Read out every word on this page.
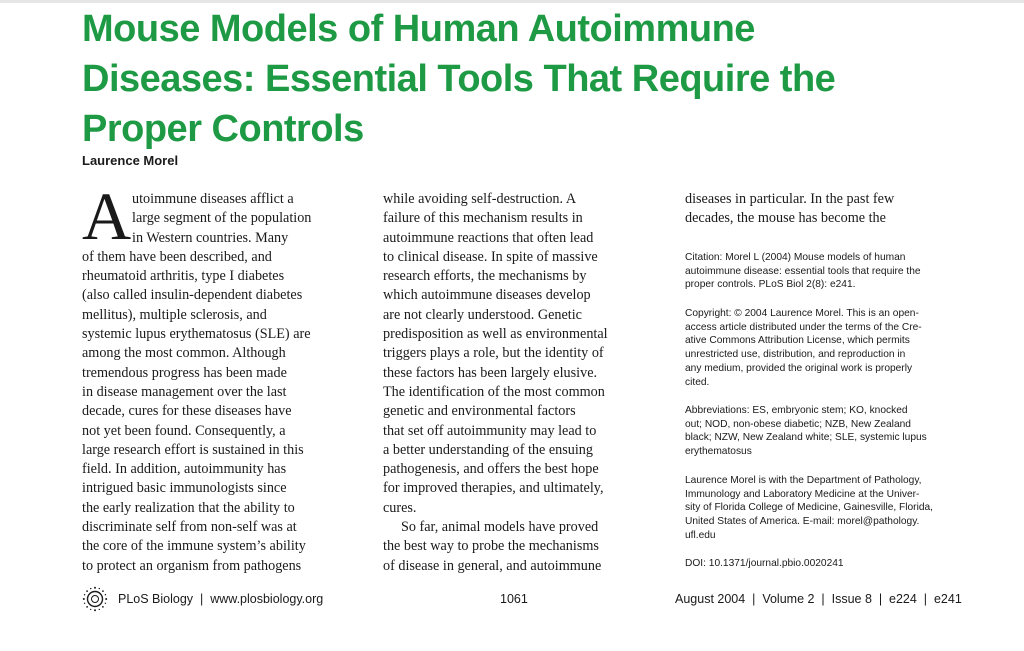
Mouse Models of Human Autoimmune
Diseases: Essential Tools That Require the
Proper Controls
Laurence Morel
A utoimmune diseases afflict a
large segment of the population
in Western countries. Many
of them have been described, and
rheumatoid arthritis, type I diabetes
(also called insulin-dependent diabetes
mellitus), multiple sclerosis, and
systemic lupus erythematosus (SLE) are
among the most common. Although
tremendous progress has been made
in disease management over the last
decade, cures for these diseases have
not yet been found. Consequently, a
large research effort is sustained in this
field. In addition, autoimmunity has
intrigued basic immunologists since
the early realization that the ability to
discriminate self from non-self was at
the core of the immune system’s ability
to protect an organism from pathogens
while avoiding self-destruction. A
failure of this mechanism results in
autoimmune reactions that often lead
to clinical disease. In spite of massive
research efforts, the mechanisms by
which autoimmune diseases develop
are not clearly understood. Genetic
predisposition as well as environmental
triggers plays a role, but the identity of
these factors has been largely elusive.
The identification of the most common
genetic and environmental factors
that set off autoimmunity may lead to
a better understanding of the ensuing
pathogenesis, and offers the best hope
for improved therapies, and ultimately,
cures.
So far, animal models have proved
the best way to probe the mechanisms
of disease in general, and autoimmune
diseases in particular. In the past few
decades, the mouse has become the
Citation: Morel L (2004) Mouse models of human
autoimmune disease: essential tools that require the
proper controls. PLoS Biol 2(8): e241.
Copyright: © 2004 Laurence Morel. This is an open-
access article distributed under the terms of the Cre-
ative Commons Attribution License, which permits
unrestricted use, distribution, and reproduction in
any medium, provided the original work is properly
cited.
Abbreviations: ES, embryonic stem; KO, knocked
out; NOD, non-obese diabetic; NZB, New Zealand
black; NZW, New Zealand white; SLE, systemic lupus
erythematosus
Laurence Morel is with the Department of Pathology,
Immunology and Laboratory Medicine at the Univer-
sity of Florida College of Medicine, Gainesville, Florida,
United States of America. E-mail: morel@pathology.
ufl.edu
DOI: 10.1371/journal.pbio.0020241
PLoS Biology  |  www.plosbiology.org	1061	August 2004  |  Volume 2  |  Issue 8  |  e224  |  e241
